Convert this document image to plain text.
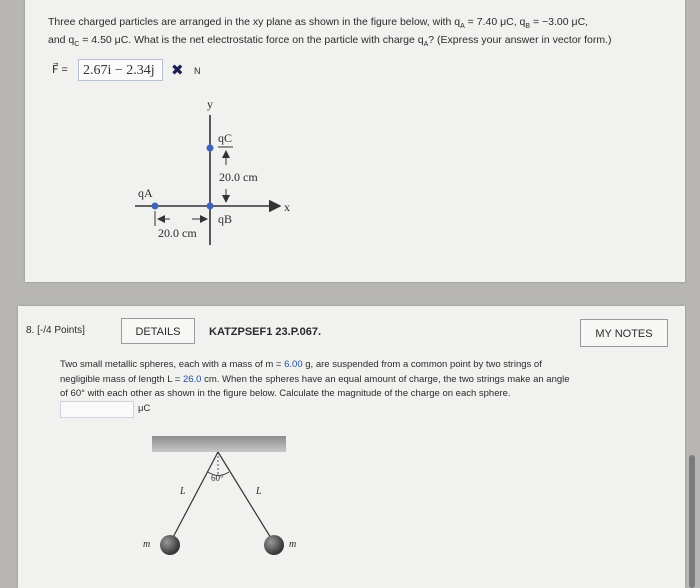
Three charged particles are arranged in the xy plane as shown in the figure below, with $q_A = 7.40$ μC, $q_B = -3.00$ μC,
and $q_C = 4.50$ μC. What is the net electrostatic force on the particle with charge $q_A$? (Express your answer in vector form.)
F⃗ =	2.67i − 2.34j	✖ N
y
x
qC
qA
qB
20.0 cm
20.0 cm
8. [-/4 Points]	DETAILS	KATZPSEF1 23.P.067.	MY NOTES
Two small metallic spheres, each with a mass of m = 6.00 g, are suspended from a common point by two strings of
negligible mass of length L = 26.0 cm. When the spheres have an equal amount of charge, the two strings make an angle
of 60° with each other as shown in the figure below. Calculate the magnitude of the charge on each sphere.
μC
60°
L	L
m	m
